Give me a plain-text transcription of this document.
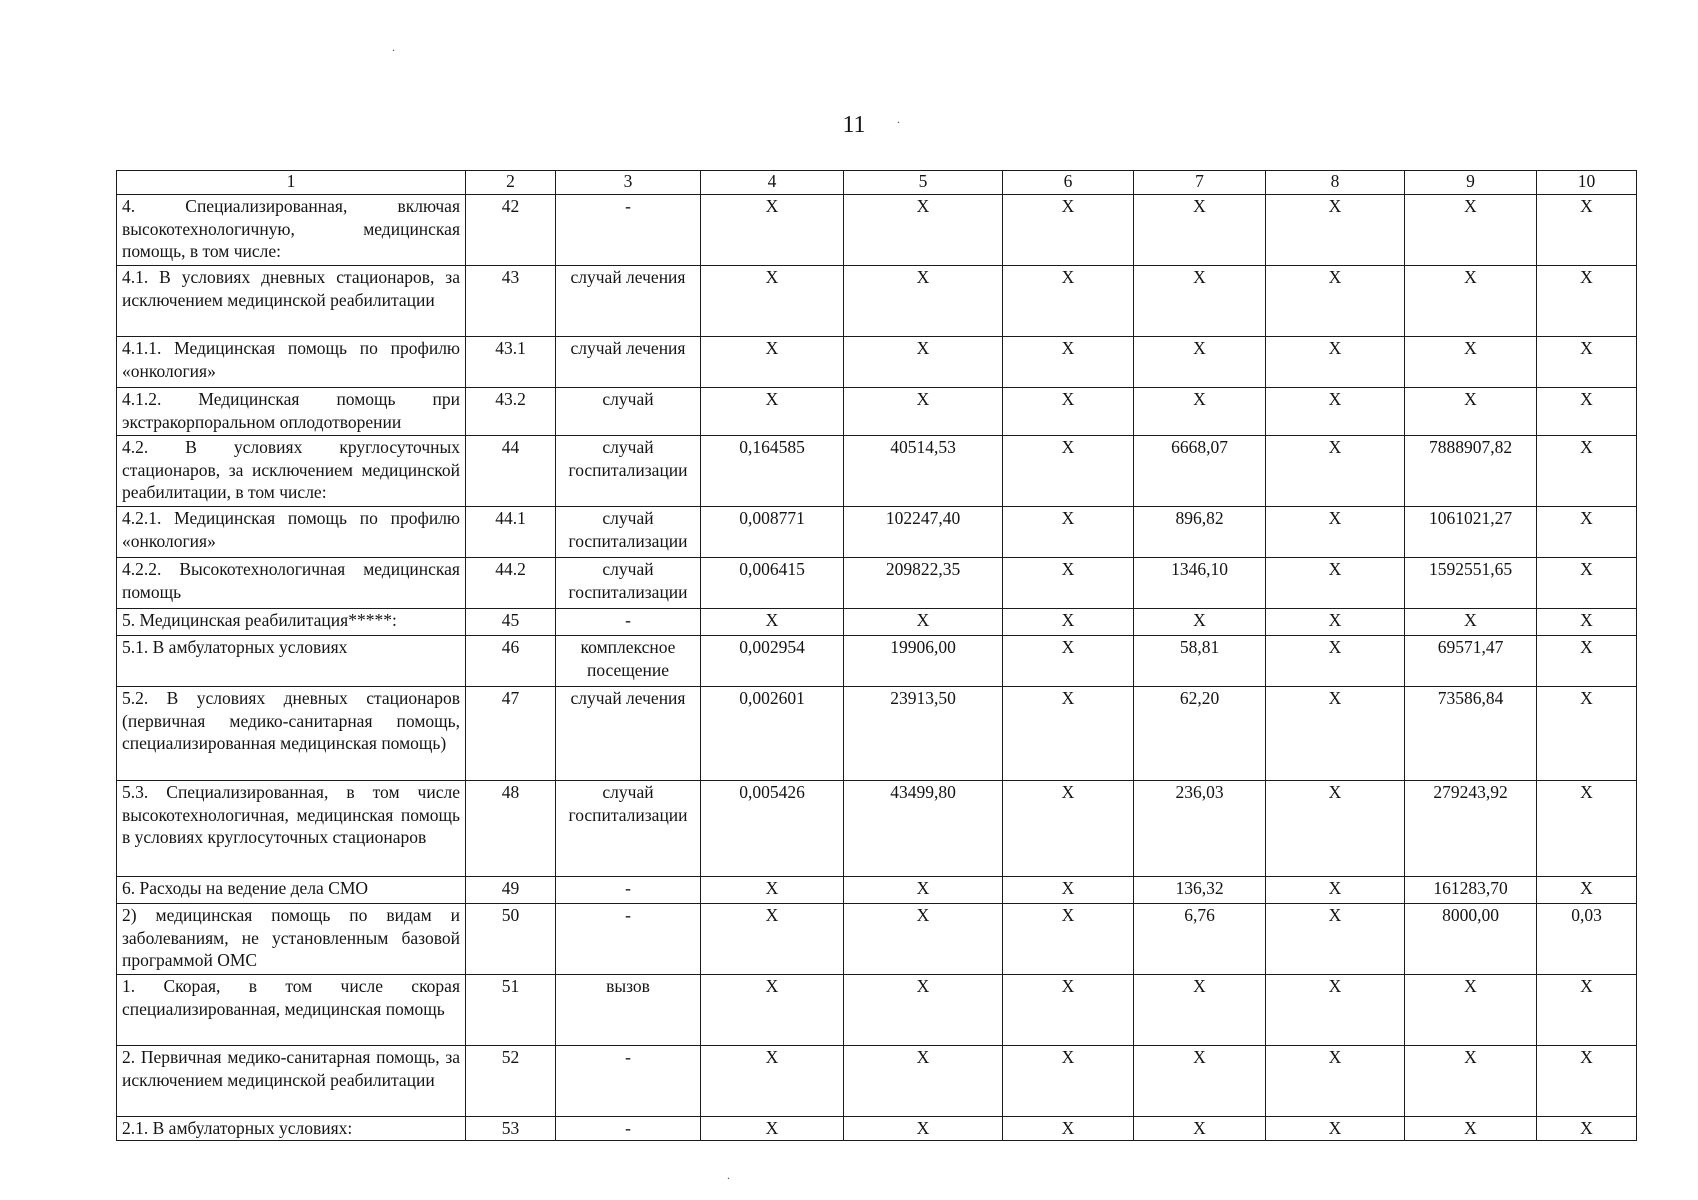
11
1	2	3	4	5	6	7	8	9	10
4. Специализированная, включая высокотехнологичную, медицинская помощь, в том числе:	42	-	X	X	X	X	X	X	X
4.1. В условиях дневных стационаров, за исключением медицинской реабилитации	43	случай лечения	X	X	X	X	X	X	X
4.1.1. Медицинская помощь по профилю «онкология»	43.1	случай лечения	X	X	X	X	X	X	X
4.1.2. Медицинская помощь при экстракорпоральном оплодотворении	43.2	случай	X	X	X	X	X	X	X
4.2. В условиях круглосуточных стационаров, за исключением медицинской реабилитации, в том числе:	44	случай госпитализации	0,164585	40514,53	X	6668,07	X	7888907,82	X
4.2.1. Медицинская помощь по профилю «онкология»	44.1	случай госпитализации	0,008771	102247,40	X	896,82	X	1061021,27	X
4.2.2. Высокотехнологичная медицинская помощь	44.2	случай госпитализации	0,006415	209822,35	X	1346,10	X	1592551,65	X
5. Медицинская реабилитация*****:	45	-	X	X	X	X	X	X	X
5.1. В амбулаторных условиях	46	комплексное посещение	0,002954	19906,00	X	58,81	X	69571,47	X
5.2. В условиях дневных стационаров (первичная медико-санитарная помощь, специализированная медицинская помощь)	47	случай лечения	0,002601	23913,50	X	62,20	X	73586,84	X
5.3. Специализированная, в том числе высокотехнологичная, медицинская помощь в условиях круглосуточных стационаров	48	случай госпитализации	0,005426	43499,80	X	236,03	X	279243,92	X
6. Расходы на ведение дела СМО	49	-	X	X	X	136,32	X	161283,70	X
2) медицинская помощь по видам и заболеваниям, не установленным базовой программой ОМС	50	-	X	X	X	6,76	X	8000,00	0,03
1. Скорая, в том числе скорая специализированная, медицинская помощь	51	вызов	X	X	X	X	X	X	X
2. Первичная медико-санитарная помощь, за исключением медицинской реабилитации	52	-	X	X	X	X	X	X	X
2.1. В амбулаторных условиях:	53	-	X	X	X	X	X	X	X
.
.
.
